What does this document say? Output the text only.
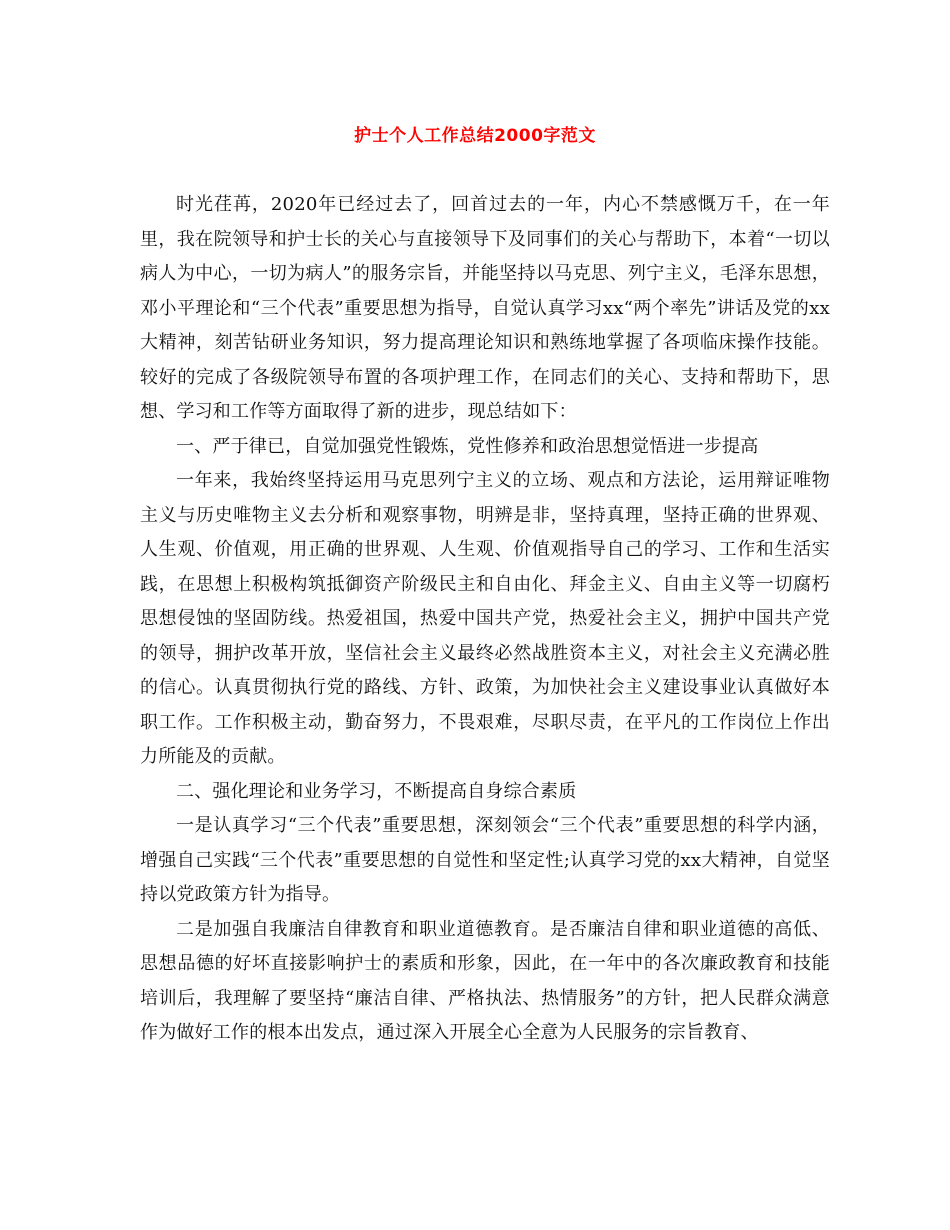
护士个人工作总结2000字范文

时光荏苒，2020年已经过去了，回首过去的一年，内心不禁感慨万千，在一年里，我在院领导和护士长的关心与直接领导下及同事们的关心与帮助下，本着“一切以病人为中心，一切为病人”的服务宗旨，并能坚持以马克思、列宁主义，毛泽东思想，邓小平理论和“三个代表”重要思想为指导，自觉认真学习xx“两个率先”讲话及党的xx大精神，刻苦钻研业务知识，努力提高理论知识和熟练地掌握了各项临床操作技能。较好的完成了各级院领导布置的各项护理工作，在同志们的关心、支持和帮助下，思想、学习和工作等方面取得了新的进步，现总结如下：

一、严于律已，自觉加强党性锻炼，党性修养和政治思想觉悟进一步提高

一年来，我始终坚持运用马克思列宁主义的立场、观点和方法论，运用辩证唯物主义与历史唯物主义去分析和观察事物，明辨是非，坚持真理，坚持正确的世界观、人生观、价值观，用正确的世界观、人生观、价值观指导自己的学习、工作和生活实践，在思想上积极构筑抵御资产阶级民主和自由化、拜金主义、自由主义等一切腐朽思想侵蚀的坚固防线。热爱祖国，热爱中国共产党，热爱社会主义，拥护中国共产党的领导，拥护改革开放，坚信社会主义最终必然战胜资本主义，对社会主义充满必胜的信心。认真贯彻执行党的路线、方针、政策，为加快社会主义建设事业认真做好本职工作。工作积极主动，勤奋努力，不畏艰难，尽职尽责，在平凡的工作岗位上作出力所能及的贡献。

二、强化理论和业务学习，不断提高自身综合素质

一是认真学习“三个代表”重要思想，深刻领会“三个代表”重要思想的科学内涵，增强自己实践“三个代表”重要思想的自觉性和坚定性;认真学习党的xx大精神，自觉坚持以党政策方针为指导。

二是加强自我廉洁自律教育和职业道德教育。是否廉洁自律和职业道德的高低、思想品德的好坏直接影响护士的素质和形象，因此，在一年中的各次廉政教育和技能培训后，我理解了要坚持“廉洁自律、严格执法、热情服务”的方针，把人民群众满意作为做好工作的根本出发点，通过深入开展全心全意为人民服务的宗旨教育、
